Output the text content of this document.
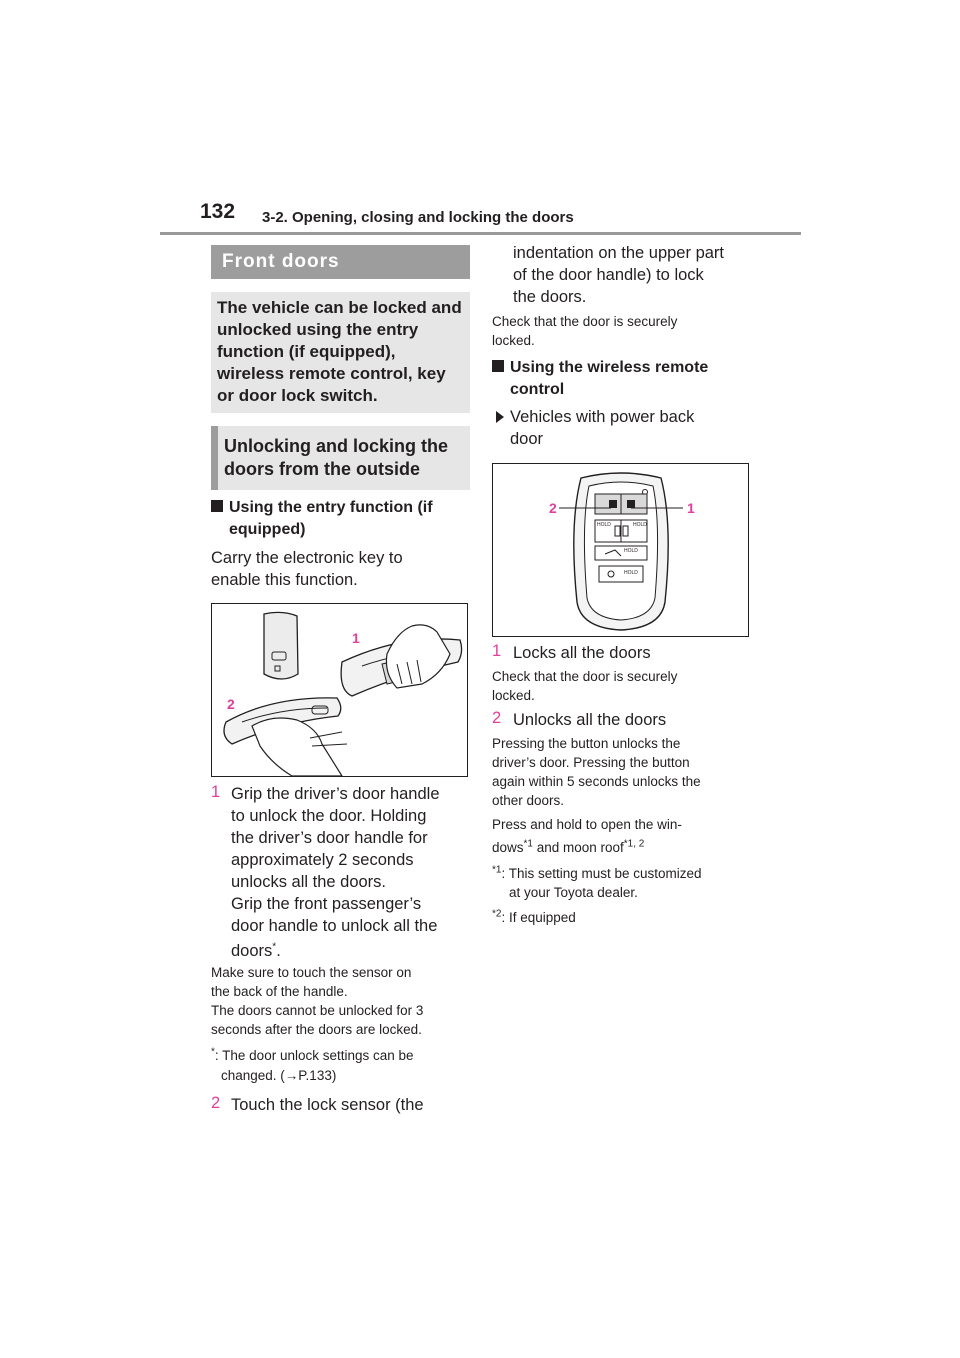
132 3-2. Opening, closing and locking the doors
Front doors
The vehicle can be locked and unlocked using the entry function (if equipped), wireless remote control, key or door lock switch.
Unlocking and locking the doors from the outside
Using the entry function (if
equipped)
Carry the electronic key to
enable this function.
1
2
1 Grip the driver’s door handle
to unlock the door. Holding
the driver’s door handle for
approximately 2 seconds
unlocks all the doors.
Grip the front passenger’s
door handle to unlock all the
doors*.
Make sure to touch the sensor on
the back of the handle.
The doors cannot be unlocked for 3
seconds after the doors are locked.
*: The door unlock settings can be
changed. (→P.133)
2 Touch the lock sensor (the
indentation on the upper part
of the door handle) to lock
the doors.
Check that the door is securely
locked.
Using the wireless remote
control
Vehicles with power back
door
HOLD	HOLD
HOLD
HOLD
1
2
1 Locks all the doors
Check that the door is securely
locked.
2 Unlocks all the doors
Pressing the button unlocks the
driver’s door. Pressing the button
again within 5 seconds unlocks the
other doors.
Press and hold to open the win-
dows$^{*1}$ and moon roof$^{*1, 2}$
$^{*1}$: This setting must be customized
at your Toyota dealer.
$^{*2}$: If equipped
